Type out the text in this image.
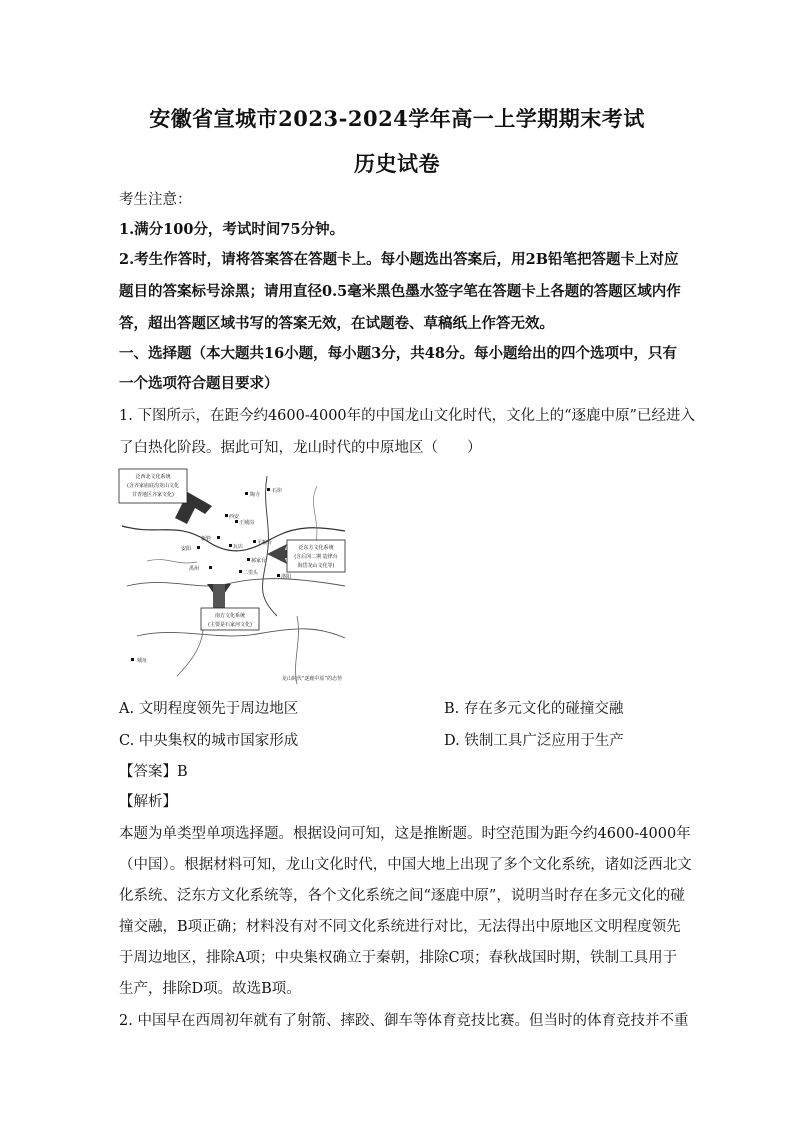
安徽省宣城市2023-2024学年高一上学期期末考试
历史试卷
考生注意：
1.满分100分，考试时间75分钟。
2.考生作答时，请将答案答在答题卡上。每小题选出答案后，用2B铅笔把答题卡上对应
题目的答案标号涂黑；请用直径0.5毫米黑色墨水签字笔在答题卡上各题的答题区域内作
答，超出答题区域书写的答案无效，在试题卷、草稿纸上作答无效。
一、选择题（本大题共16小题，每小题3分，共48分。每小题给出的四个选项中，只有
一个选项符合题目要求）
1. 下图所示，在距今约4600-4000年的中国龙山文化时代，文化上的“逐鹿中原”已经进入
了白热化阶段。据此可知，龙山时代的中原地区（　　）
陶寺
石峁
西安
王城岗
新砦
瓦店
平粮台
郝家台
二里头
洛阳
禹州
安阳
泛西北文化系统
(含齐家庙底沟龙山文化
甘青地区齐家文化)
泛东方文化系统
(含后冈二期 造律台
海岱龙山文化等)
南方文化系统
(主要是石家河文化)
城址
龙山时代“逐鹿中原”的态势
A. 文明程度领先于周边地区	B. 存在多元文化的碰撞交融
C. 中央集权的城市国家形成	D. 铁制工具广泛应用于生产
【答案】B
【解析】
本题为单类型单项选择题。根据设问可知，这是推断题。时空范围为距今约4600-4000年
（中国）。根据材料可知，龙山文化时代，中国大地上出现了多个文化系统，诸如泛西北文
化系统、泛东方文化系统等，各个文化系统之间“逐鹿中原”，说明当时存在多元文化的碰
撞交融，B项正确；材料没有对不同文化系统进行对比，无法得出中原地区文明程度领先
于周边地区，排除A项；中央集权确立于秦朝，排除C项；春秋战国时期，铁制工具用于
生产，排除D项。故选B项。
2. 中国早在西周初年就有了射箭、摔跤、御车等体育竞技比赛。但当时的体育竞技并不重
